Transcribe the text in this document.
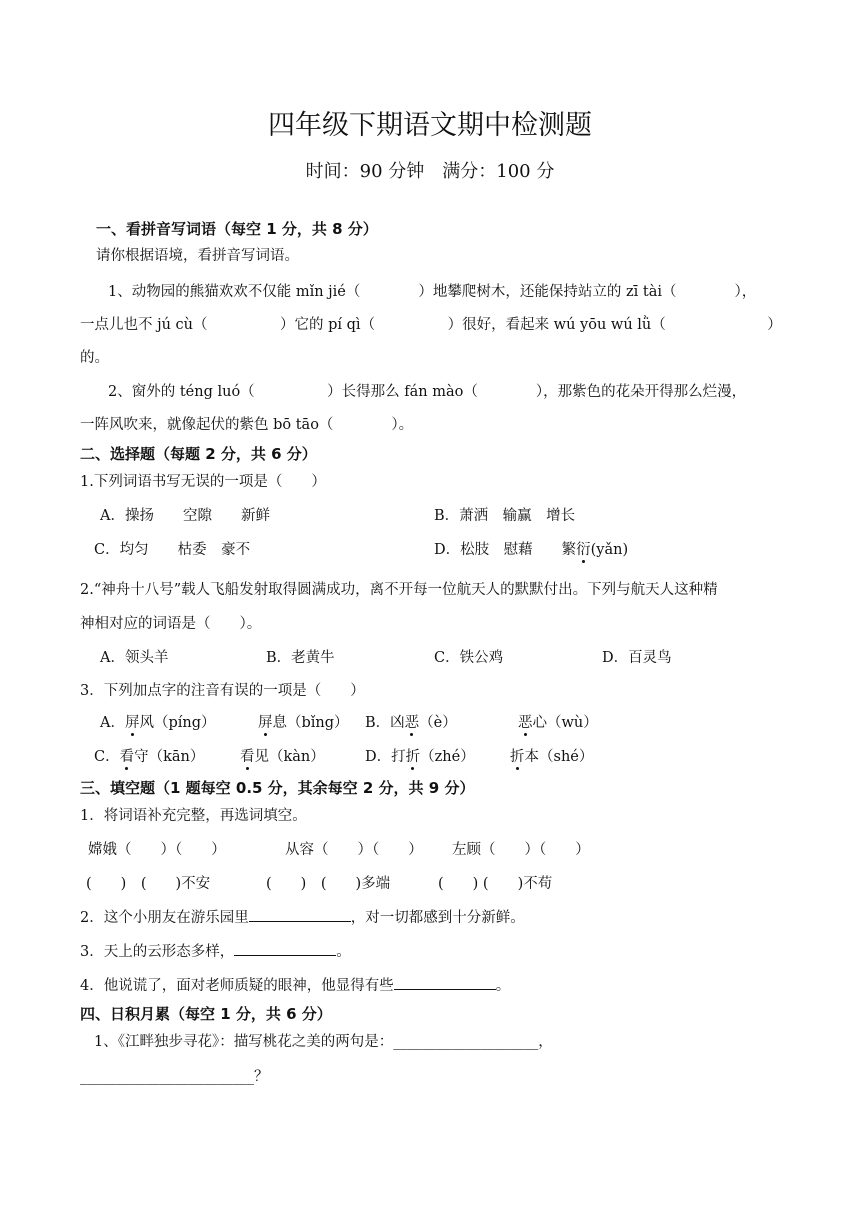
四年级下期语文期中检测题
时间：90 分钟　满分：100 分
一、看拼音写词语（每空 1 分，共 8 分）
请你根据语境，看拼音写词语。
1、动物园的熊猫欢欢不仅能 mǐn jié（　　　　）地攀爬树木，还能保持站立的 zī tài（　　　　），
一点儿也不 jú cù（　　　　　）它的 pí qì（　　　　　）很好，看起来 wú yōu wú lǜ（　　　　　　　）
的。
2、窗外的 téng luó（　　　　　）长得那么 fán mào（　　　　），那紫色的花朵开得那么烂漫，
一阵风吹来，就像起伏的紫色 bō tāo（　　　　）。
二、选择题（每题 2 分，共 6 分）
1.下列词语书写无误的一项是（　　）
A．操扬　　空隙　　新鲜	B．萧洒　输赢　增长
C．均匀　　枯委　豪不	D．松肢　慰藉　　繁衍(yǎn)
2.“神舟十八号”载人飞船发射取得圆满成功，离不开每一位航天人的默默付出。下列与航天人这种精
神相对应的词语是（　　）。
A．领头羊	B．老黄牛	C．铁公鸡	D．百灵鸟
3．下列加点字的注音有误的一项是（　　）
A．屏风（píng）	屏息（bǐng） B．凶恶（è）	恶心（wù）
C．看守（kān） 看见（kàn）	D．打折（zhé） 折本（shé）
三、填空题（1 题每空 0.5 分，其余每空 2 分，共 9 分）
1．将词语补充完整，再选词填空。
嫦娥（　　）（　　）	从容（　　）（　　） 左顾（　　）（　　）
(　　)　(　　)不安	(　　)　(　　)多端	(　　) (　　)不苟
2．这个小朋友在游乐园里	，对一切都感到十分新鲜。
3．天上的云形态多样，	。
4．他说谎了，面对老师质疑的眼神，他显得有些	。
四、日积月累（每空 1 分，共 6 分）
1、《江畔独步寻花》：描写桃花之美的两句是：____________________，
________________________？
